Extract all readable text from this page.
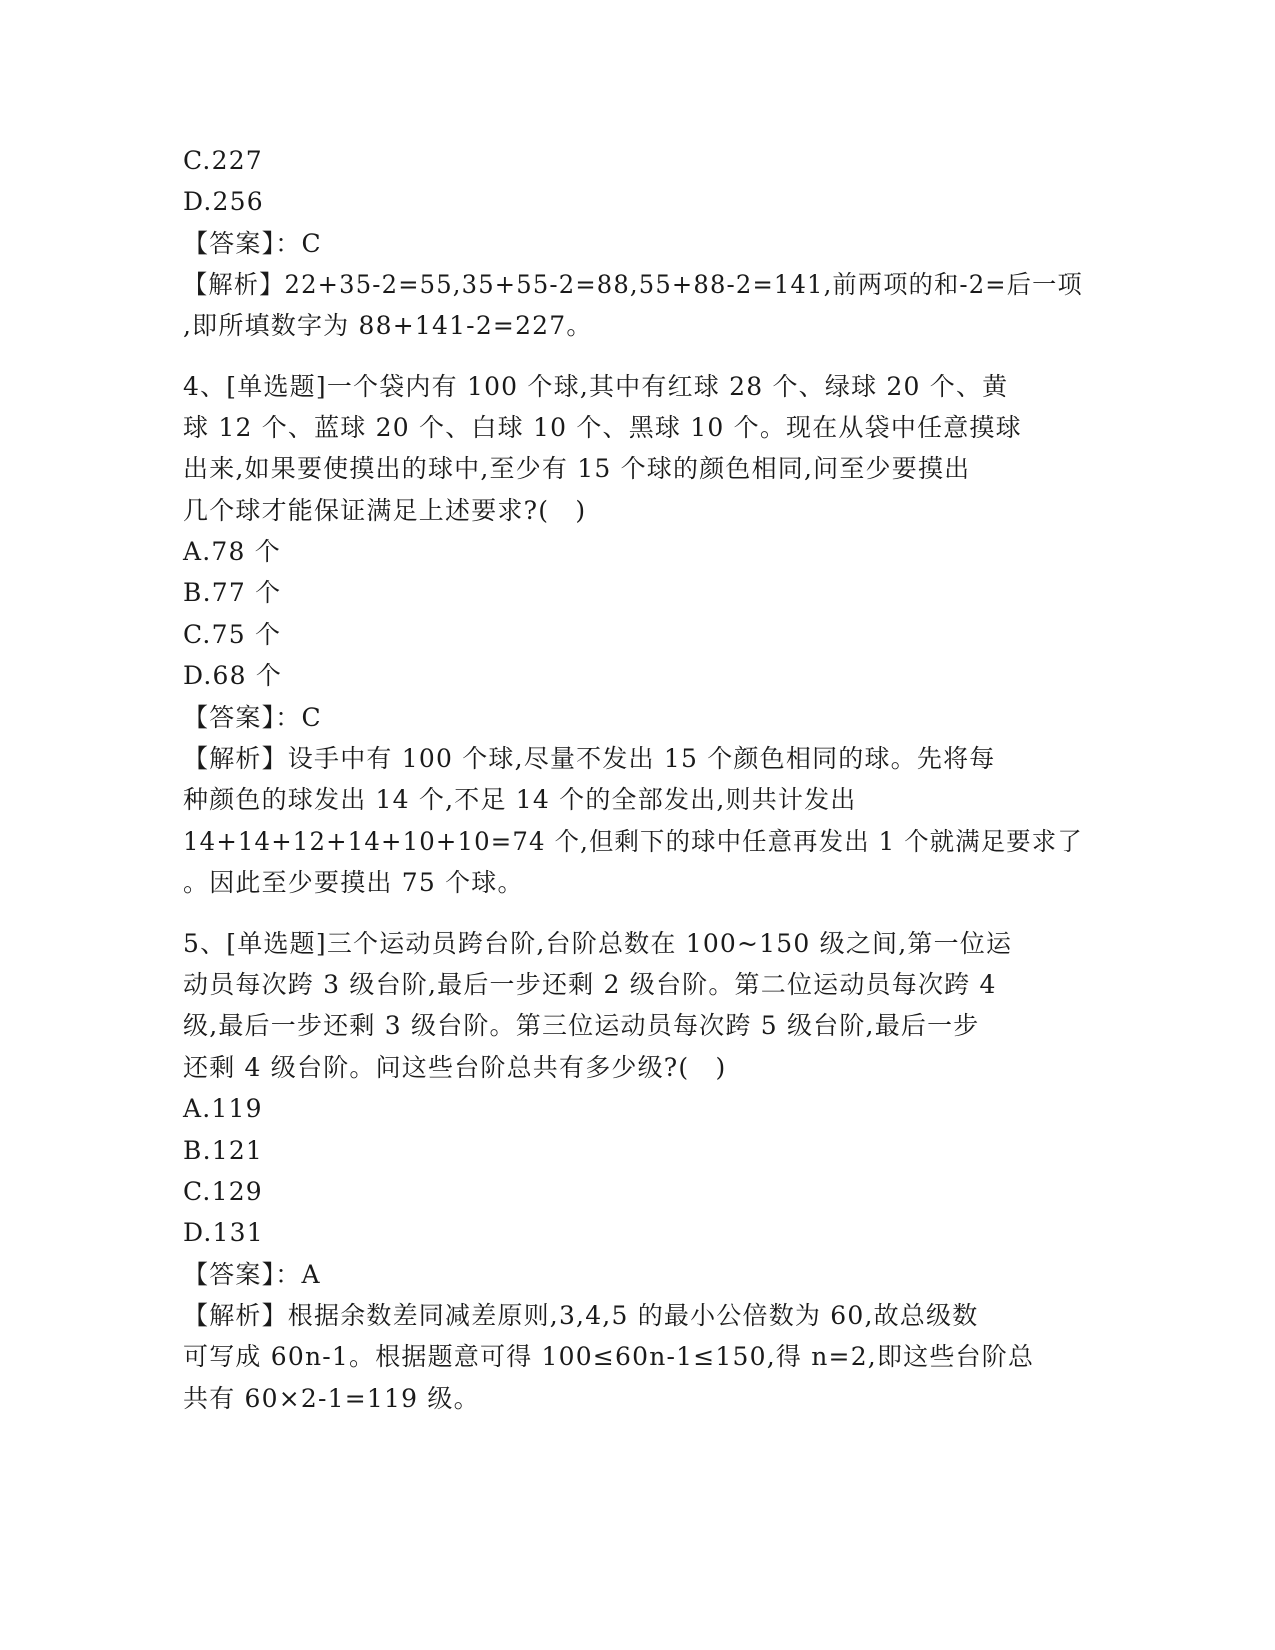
C.227
D.256
【答案】：C
【解析】22+35-2=55,35+55-2=88,55+88-2=141,前两项的和-2=后一项
,即所填数字为 88+141-2=227。
4、[单选题]一个袋内有 100 个球,其中有红球 28 个、绿球 20 个、黄
球 12 个、蓝球 20 个、白球 10 个、黑球 10 个。现在从袋中任意摸球
出来,如果要使摸出的球中,至少有 15 个球的颜色相同,问至少要摸出
几个球才能保证满足上述要求?(　)
A.78 个
B.77 个
C.75 个
D.68 个
【答案】：C
【解析】设手中有 100 个球,尽量不发出 15 个颜色相同的球。先将每
种颜色的球发出 14 个,不足 14 个的全部发出,则共计发出
14+14+12+14+10+10=74 个,但剩下的球中任意再发出 1 个就满足要求了
。因此至少要摸出 75 个球。
5、[单选题]三个运动员跨台阶,台阶总数在 100~150 级之间,第一位运
动员每次跨 3 级台阶,最后一步还剩 2 级台阶。第二位运动员每次跨 4
级,最后一步还剩 3 级台阶。第三位运动员每次跨 5 级台阶,最后一步
还剩 4 级台阶。问这些台阶总共有多少级?(　)
A.119
B.121
C.129
D.131
【答案】：A
【解析】根据余数差同减差原则,3,4,5 的最小公倍数为 60,故总级数
可写成 60n-1。根据题意可得 100≤60n-1≤150,得 n=2,即这些台阶总
共有 60×2-1=119 级。
